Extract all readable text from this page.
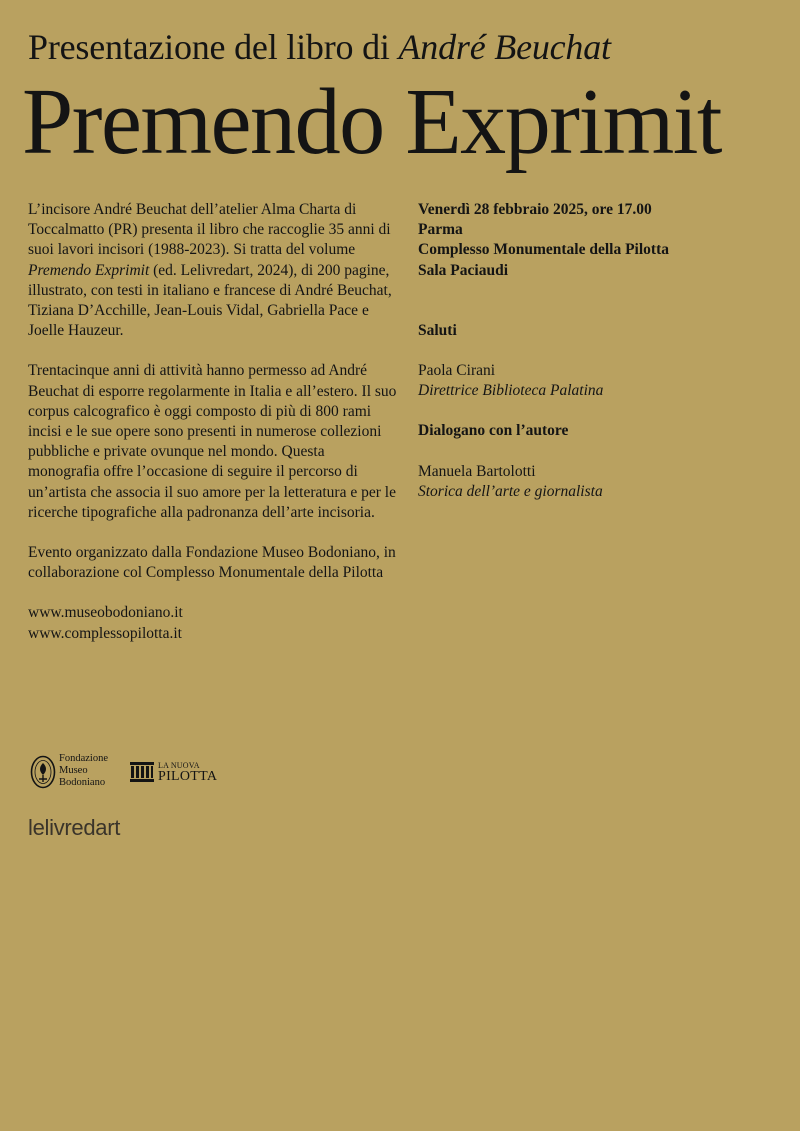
Presentazione del libro di André Beuchat
Premendo Exprimit

L’incisore André Beuchat dell’atelier Alma Charta di Toccalmatto (PR) presenta il libro che raccoglie 35 anni di suoi lavori incisori (1988-2023). Si tratta del volume Premendo Exprimit (ed. Lelivredart, 2024), di 200 pagine, illustrato, con testi in italiano e francese di André Beuchat, Tiziana D’Acchille, Jean-Louis Vidal, Gabriella Pace e Joelle Hauzeur.

Trentacinque anni di attività hanno permesso ad André Beuchat di esporre regolarmente in Italia e all’estero. Il suo corpus calcografico è oggi composto di più di 800 rami incisi e le sue opere sono presenti in numerose collezioni pubbliche e private ovunque nel mondo. Questa monografia offre l’occasione di seguire il percorso di un’artista che associa il suo amore per la letteratura e per le ricerche tipografiche alla padronanza dell’arte incisoria.

Evento organizzato dalla Fondazione Museo Bodoniano, in collaborazione col Complesso Monumentale della Pilotta

www.museobodoniano.it
www.complessopilotta.it

Venerdì 28 febbraio 2025, ore 17.00
Parma
Complesso Monumentale della Pilotta
Sala Paciaudi
Saluti
Paola Cirani
Direttrice Biblioteca Palatina
Dialogano con l’autore
Manuela Bartolotti
Storica dell’arte e giornalista
Fondazione
Museo
Bodoniano
LA NUOVA
PILOTTA
lelivredart
